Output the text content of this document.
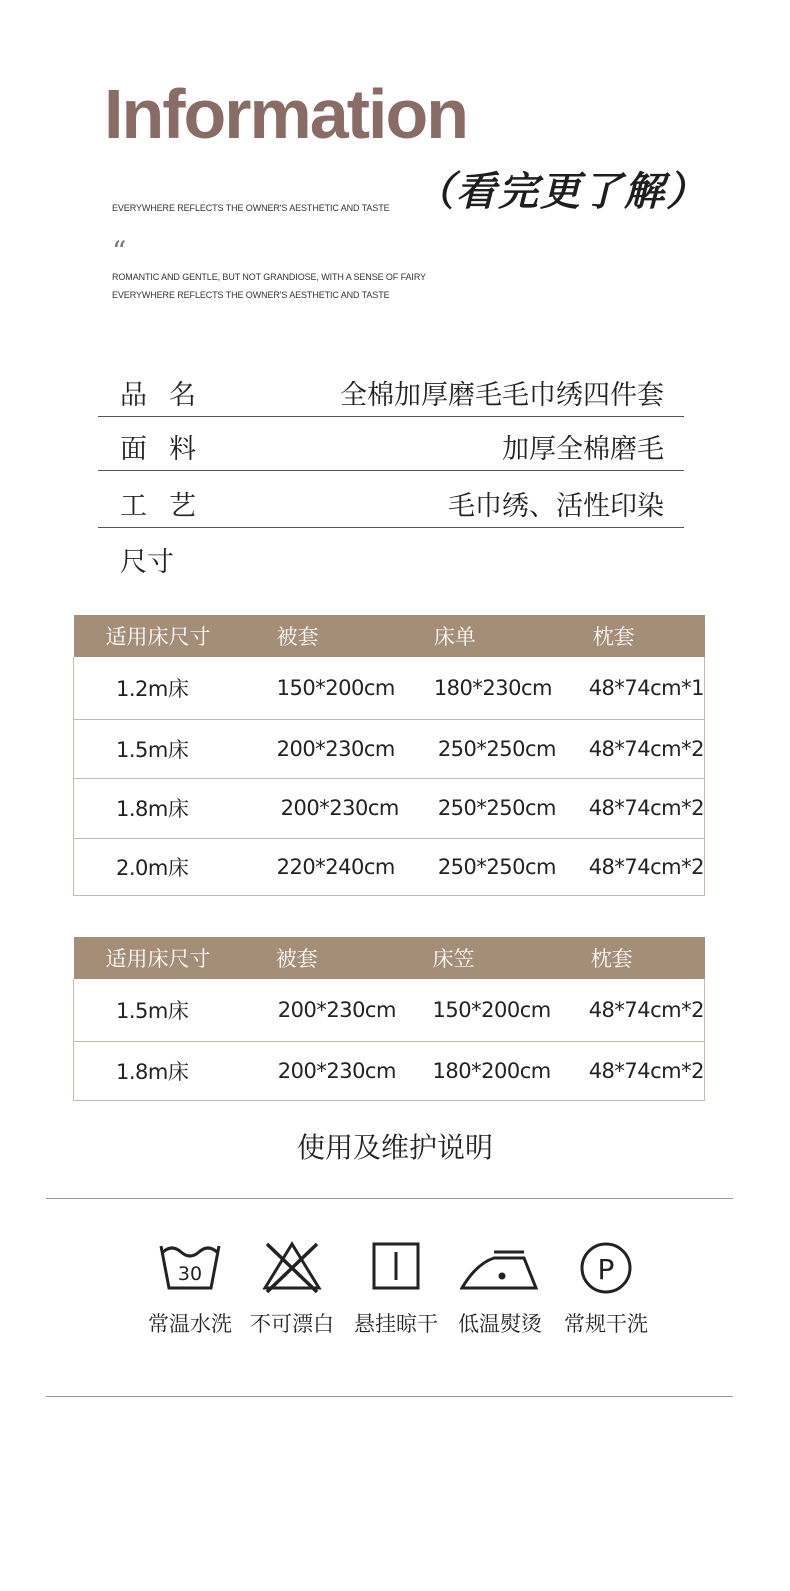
Information
（看完更了解）
EVERYWHERE REFLECTS THE OWNER'S AESTHETIC AND TASTE
“
ROMANTIC AND GENTLE, BUT NOT GRANDIOSE, WITH A SENSE OF FAIRY
EVERYWHERE REFLECTS THE OWNER'S AESTHETIC AND TASTE
品名	全棉加厚磨毛毛巾绣四件套
面料	加厚全棉磨毛
工艺	毛巾绣、活性印染
尺寸
适用床尺寸	被套	床单	枕套
1.2m床	150*200cm	180*230cm	48*74cm*1
1.5m床	200*230cm	250*250cm	48*74cm*2
1.8m床	200*230cm	250*250cm	48*74cm*2
2.0m床	220*240cm	250*250cm	48*74cm*2
适用床尺寸	被套	床笠	枕套
1.5m床	200*230cm	150*200cm	48*74cm*2
1.8m床	200*230cm	180*200cm	48*74cm*2
使用及维护说明
30
常温水洗 不可漂白 悬挂晾干 低温熨烫
P
常规干洗
